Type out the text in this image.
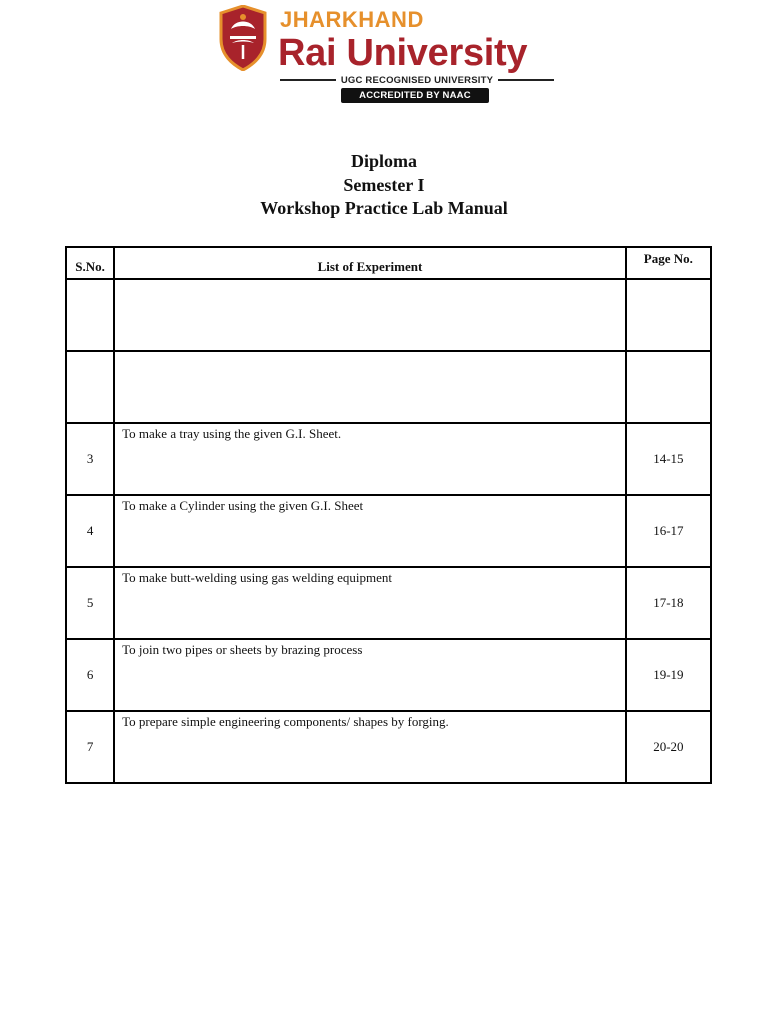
JHARKHAND
Rai University
UGC RECOGNISED UNIVERSITY
ACCREDITED BY NAAC
Diploma
Semester I
Workshop Practice Lab Manual
S.No.	List of Experiment	Page No.

3	To make a tray using the given G.I. Sheet.	14-15
4	To make a Cylinder using the given G.I. Sheet	16-17
5	To make butt-welding using gas welding equipment	17-18
6	To join two pipes or sheets by brazing process	19-19
7	To prepare simple engineering components/ shapes by forging.	20-20
